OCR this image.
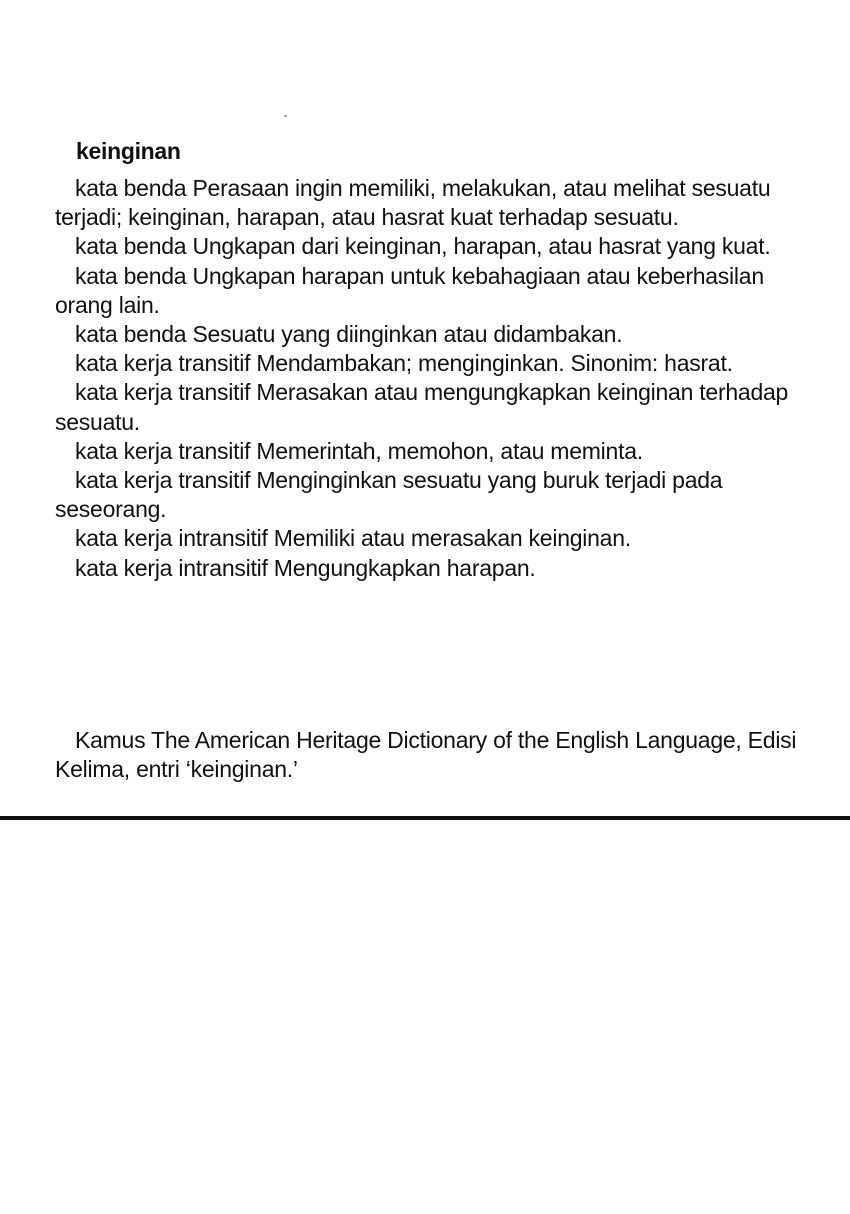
keinginan

kata benda Perasaan ingin memiliki, melakukan, atau melihat sesuatu terjadi; keinginan, harapan, atau hasrat kuat terhadap sesuatu.

kata benda Ungkapan dari keinginan, harapan, atau hasrat yang kuat.

kata benda Ungkapan harapan untuk kebahagiaan atau keberhasilan orang lain.

kata benda Sesuatu yang diinginkan atau didambakan.

kata kerja transitif Mendambakan; menginginkan. Sinonim: hasrat.

kata kerja transitif Merasakan atau mengungkapkan keinginan terhadap sesuatu.

kata kerja transitif Memerintah, memohon, atau meminta.

kata kerja transitif Menginginkan sesuatu yang buruk terjadi pada seseorang.

kata kerja intransitif Memiliki atau merasakan keinginan.

kata kerja intransitif Mengungkapkan harapan.

Kamus The American Heritage Dictionary of the English Language, Edisi Kelima, entri ‘keinginan.’
